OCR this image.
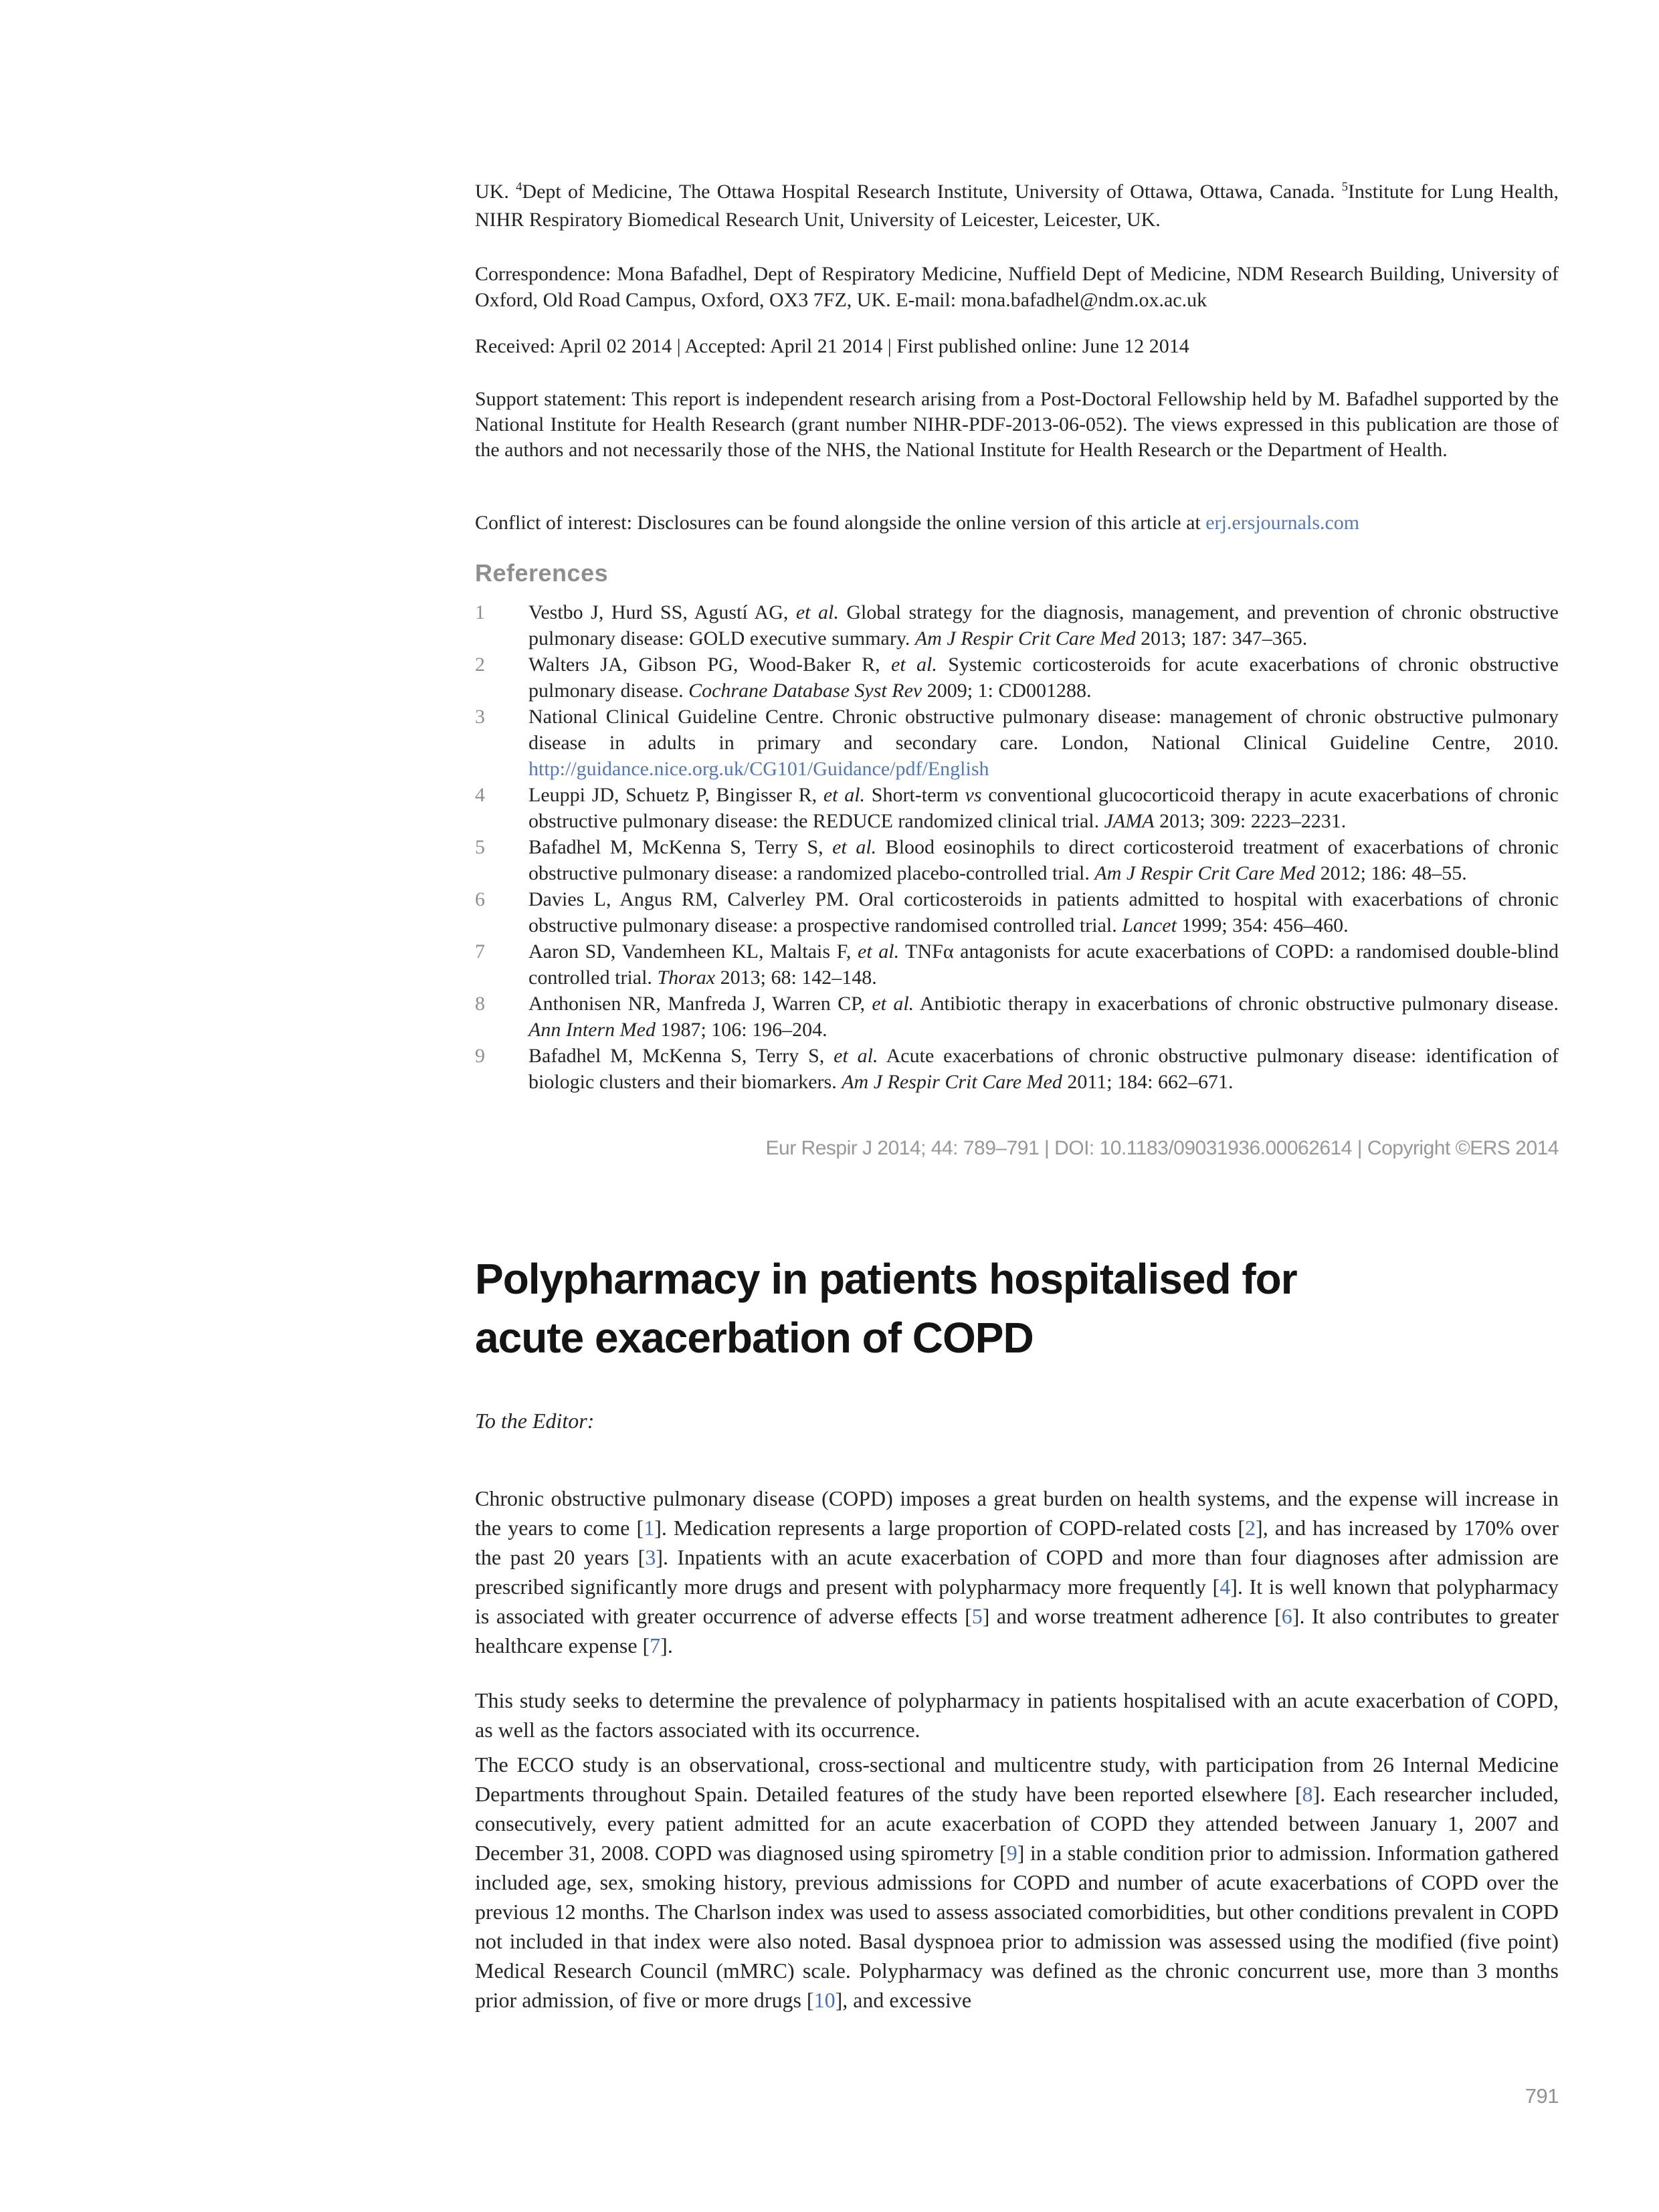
UK. $^4$Dept of Medicine, The Ottawa Hospital Research Institute, University of Ottawa, Ottawa, Canada. $^5$Institute for Lung Health, NIHR Respiratory Biomedical Research Unit, University of Leicester, Leicester, UK.
Correspondence: Mona Bafadhel, Dept of Respiratory Medicine, Nuffield Dept of Medicine, NDM Research Building, University of Oxford, Old Road Campus, Oxford, OX3 7FZ, UK. E-mail: mona.bafadhel@ndm.ox.ac.uk
Received: April 02 2014 | Accepted: April 21 2014 | First published online: June 12 2014
Support statement: This report is independent research arising from a Post-Doctoral Fellowship held by M. Bafadhel supported by the National Institute for Health Research (grant number NIHR-PDF-2013-06-052). The views expressed in this publication are those of the authors and not necessarily those of the NHS, the National Institute for Health Research or the Department of Health.
Conflict of interest: Disclosures can be found alongside the online version of this article at erj.ersjournals.com
References
1 Vestbo J, Hurd SS, Agustí AG, et al. Global strategy for the diagnosis, management, and prevention of chronic obstructive pulmonary disease: GOLD executive summary. Am J Respir Crit Care Med 2013; 187: 347–365.
2 Walters JA, Gibson PG, Wood-Baker R, et al. Systemic corticosteroids for acute exacerbations of chronic obstructive pulmonary disease. Cochrane Database Syst Rev 2009; 1: CD001288.
3 National Clinical Guideline Centre. Chronic obstructive pulmonary disease: management of chronic obstructive pulmonary disease in adults in primary and secondary care. London, National Clinical Guideline Centre, 2010. http://guidance.nice.org.uk/CG101/Guidance/pdf/English
4 Leuppi JD, Schuetz P, Bingisser R, et al. Short-term vs conventional glucocorticoid therapy in acute exacerbations of chronic obstructive pulmonary disease: the REDUCE randomized clinical trial. JAMA 2013; 309: 2223–2231.
5 Bafadhel M, McKenna S, Terry S, et al. Blood eosinophils to direct corticosteroid treatment of exacerbations of chronic obstructive pulmonary disease: a randomized placebo-controlled trial. Am J Respir Crit Care Med 2012; 186: 48–55.
6 Davies L, Angus RM, Calverley PM. Oral corticosteroids in patients admitted to hospital with exacerbations of chronic obstructive pulmonary disease: a prospective randomised controlled trial. Lancet 1999; 354: 456–460.
7 Aaron SD, Vandemheen KL, Maltais F, et al. TNFα antagonists for acute exacerbations of COPD: a randomised double-blind controlled trial. Thorax 2013; 68: 142–148.
8 Anthonisen NR, Manfreda J, Warren CP, et al. Antibiotic therapy in exacerbations of chronic obstructive pulmonary disease. Ann Intern Med 1987; 106: 196–204.
9 Bafadhel M, McKenna S, Terry S, et al. Acute exacerbations of chronic obstructive pulmonary disease: identification of biologic clusters and their biomarkers. Am J Respir Crit Care Med 2011; 184: 662–671.
Eur Respir J 2014; 44: 789–791 | DOI: 10.1183/09031936.00062614 | Copyright ©ERS 2014
Polypharmacy in patients hospitalised for
acute exacerbation of COPD
To the Editor:

Chronic obstructive pulmonary disease (COPD) imposes a great burden on health systems, and the expense will increase in the years to come [1]. Medication represents a large proportion of COPD-related costs [2], and has increased by 170% over the past 20 years [3]. Inpatients with an acute exacerbation of COPD and more than four diagnoses after admission are prescribed significantly more drugs and present with polypharmacy more frequently [4]. It is well known that polypharmacy is associated with greater occurrence of adverse effects [5] and worse treatment adherence [6]. It also contributes to greater healthcare expense [7].

This study seeks to determine the prevalence of polypharmacy in patients hospitalised with an acute exacerbation of COPD, as well as the factors associated with its occurrence.

The ECCO study is an observational, cross-sectional and multicentre study, with participation from 26 Internal Medicine Departments throughout Spain. Detailed features of the study have been reported elsewhere [8]. Each researcher included, consecutively, every patient admitted for an acute exacerbation of COPD they attended between January 1, 2007 and December 31, 2008. COPD was diagnosed using spirometry [9] in a stable condition prior to admission. Information gathered included age, sex, smoking history, previous admissions for COPD and number of acute exacerbations of COPD over the previous 12 months. The Charlson index was used to assess associated comorbidities, but other conditions prevalent in COPD not included in that index were also noted. Basal dyspnoea prior to admission was assessed using the modified (five point) Medical Research Council (mMRC) scale. Polypharmacy was defined as the chronic concurrent use, more than 3 months prior admission, of five or more drugs [10], and excessive

791
